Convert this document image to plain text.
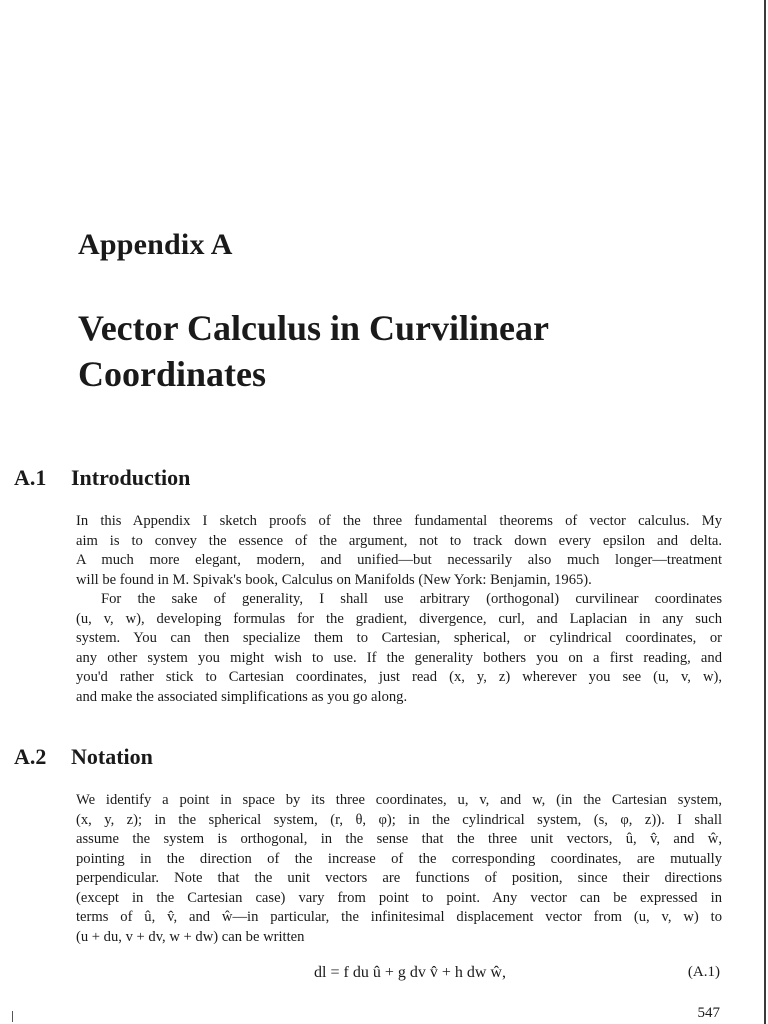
Appendix A
Vector Calculus in Curvilinear
Coordinates
A.1 Introduction
In this Appendix I sketch proofs of the three fundamental theorems of vector calculus. My
aim is to convey the essence of the argument, not to track down every epsilon and delta.
A much more elegant, modern, and unified—but necessarily also much longer—treatment
will be found in M. Spivak's book, Calculus on Manifolds (New York: Benjamin, 1965).
For the sake of generality, I shall use arbitrary (orthogonal) curvilinear coordinates
(u, v, w), developing formulas for the gradient, divergence, curl, and Laplacian in any such
system. You can then specialize them to Cartesian, spherical, or cylindrical coordinates, or
any other system you might wish to use. If the generality bothers you on a first reading, and
you'd rather stick to Cartesian coordinates, just read (x, y, z) wherever you see (u, v, w),
and make the associated simplifications as you go along.
A.2 Notation
We identify a point in space by its three coordinates, u, v, and w, (in the Cartesian system,
(x, y, z); in the spherical system, (r, θ, φ); in the cylindrical system, (s, φ, z)). I shall
assume the system is orthogonal, in the sense that the three unit vectors, û, v̂, and ŵ,
pointing in the direction of the increase of the corresponding coordinates, are mutually
perpendicular. Note that the unit vectors are functions of position, since their directions
(except in the Cartesian case) vary from point to point. Any vector can be expressed in
terms of û, v̂, and ŵ—in particular, the infinitesimal displacement vector from (u, v, w) to
(u + du, v + dv, w + dw) can be written
dl = f du û + g dv v̂ + h dw ŵ,	(A.1)
547
